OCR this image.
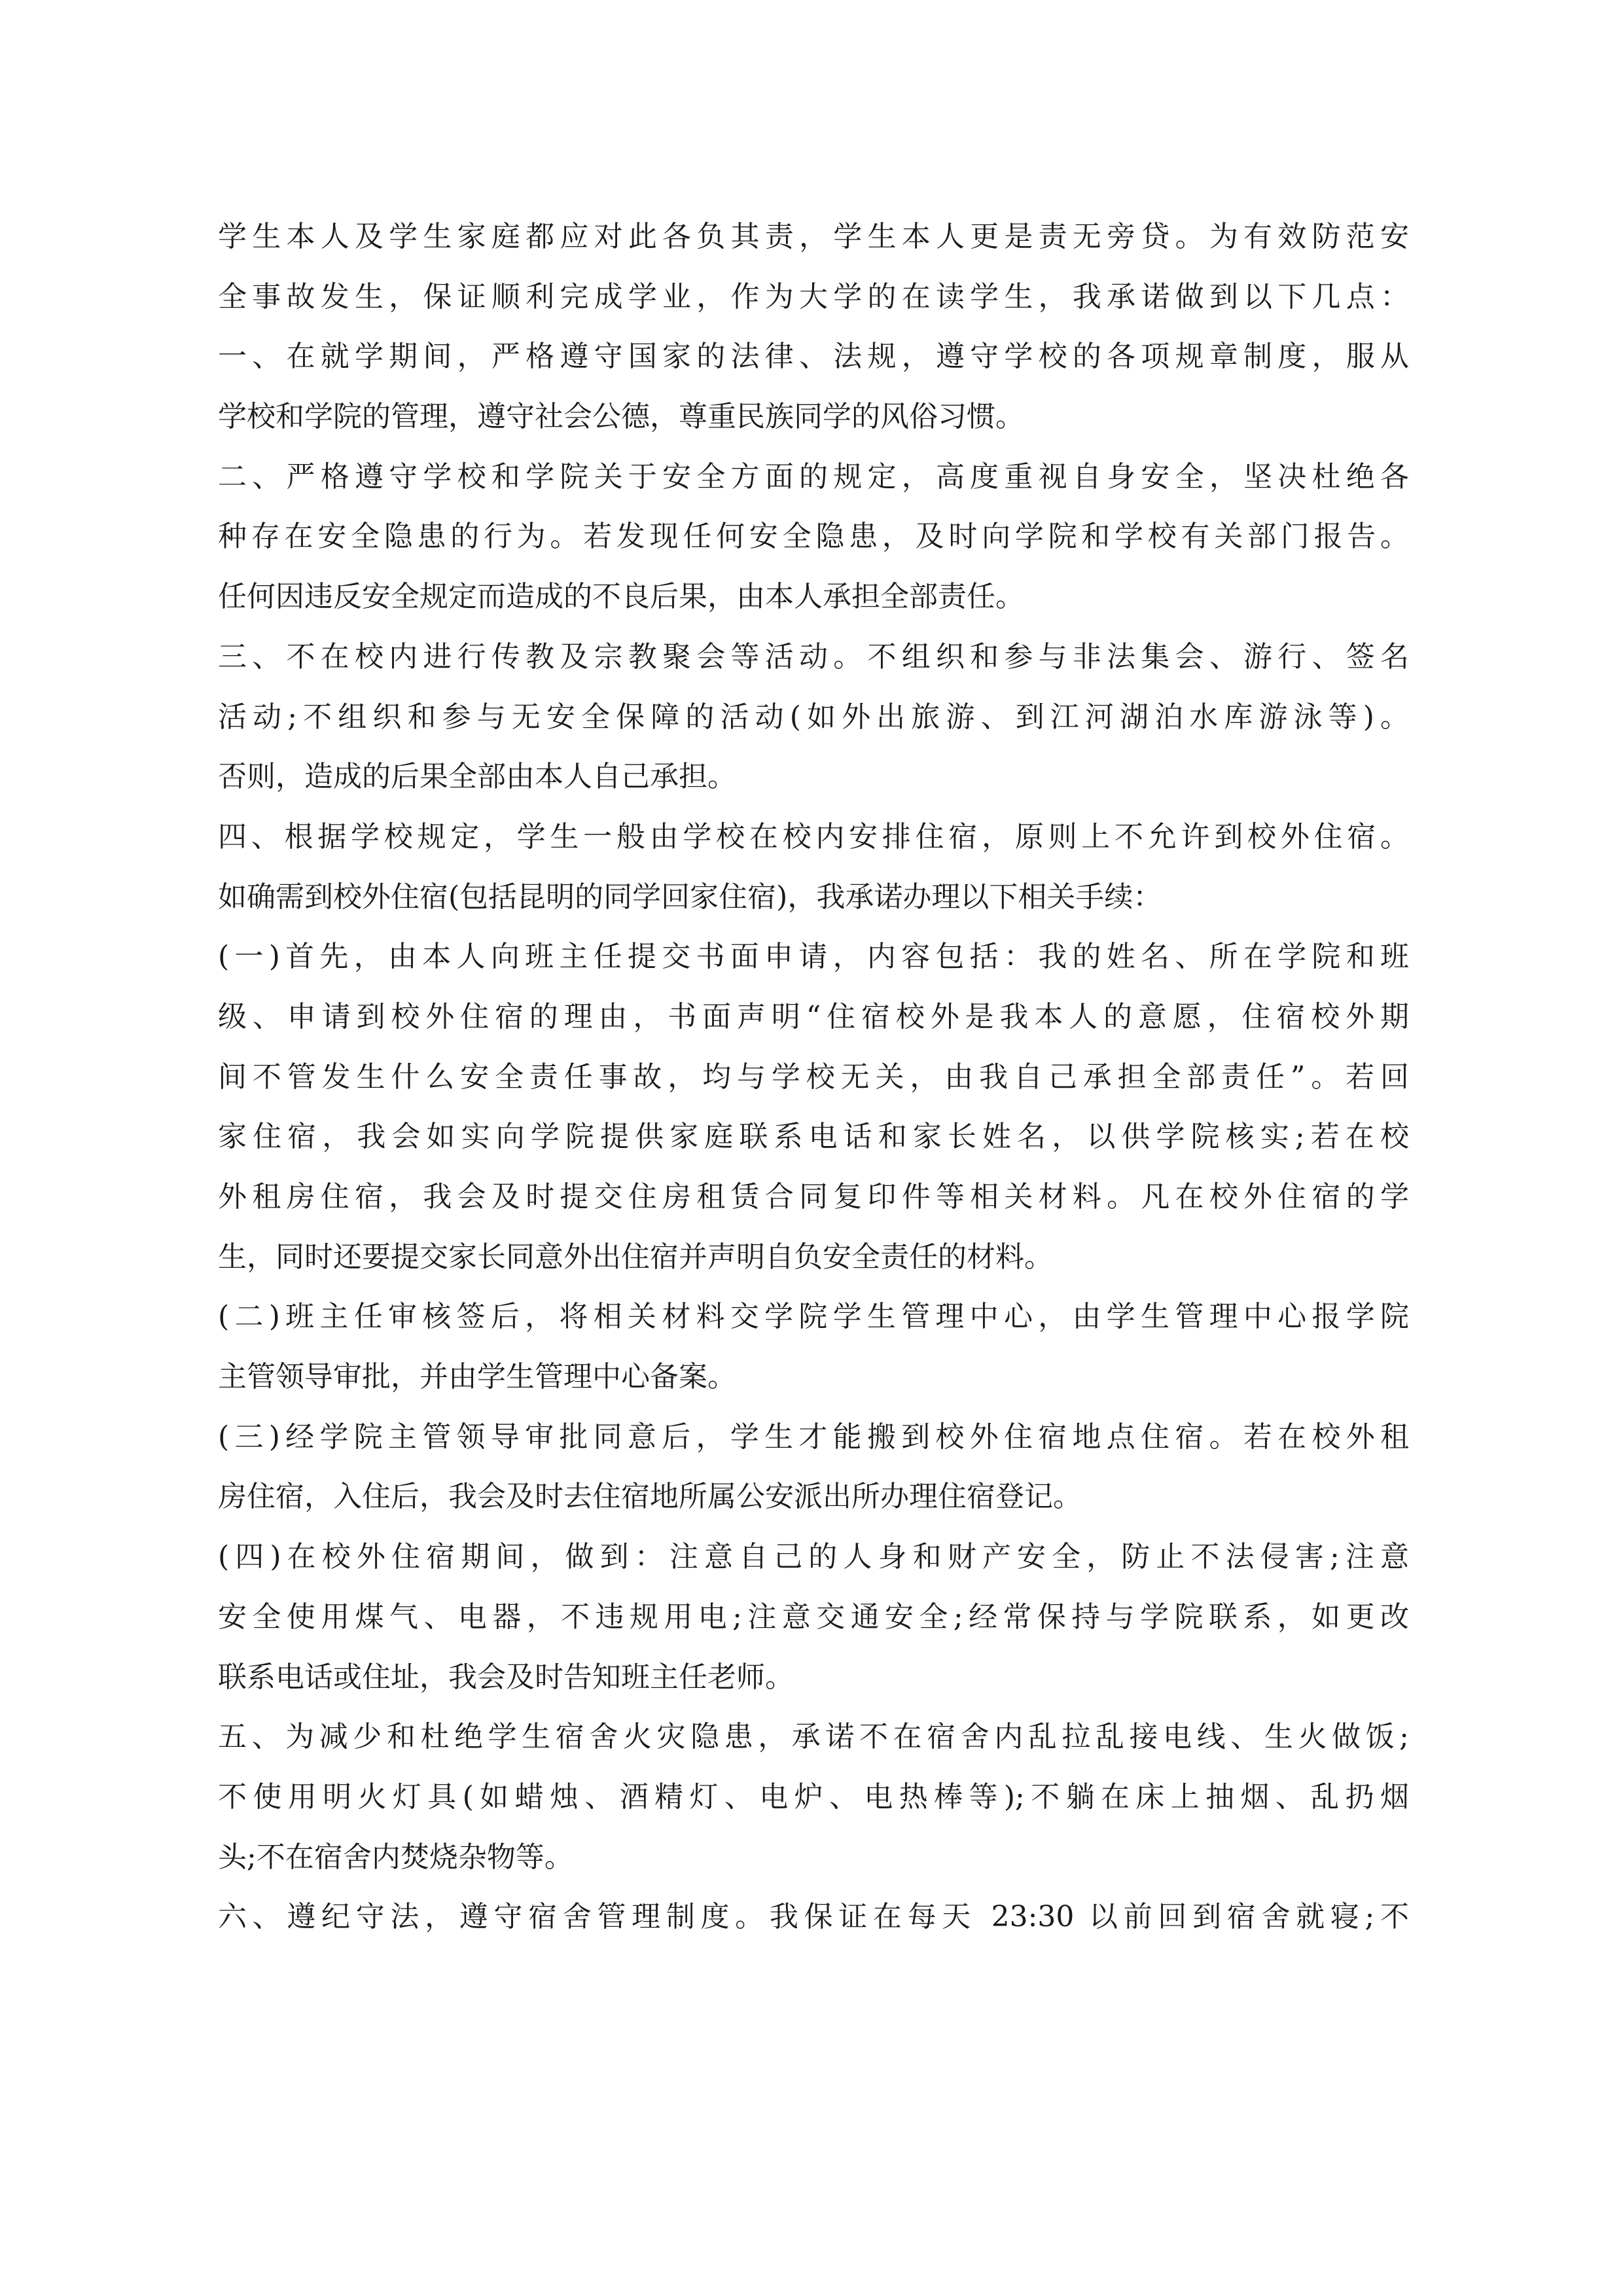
学生本人及学生家庭都应对此各负其责，学生本人更是责无旁贷。为有效防范安
全事故发生，保证顺利完成学业，作为大学的在读学生，我承诺做到以下几点：
一、在就学期间，严格遵守国家的法律、法规，遵守学校的各项规章制度，服从
学校和学院的管理，遵守社会公德，尊重民族同学的风俗习惯。
二、严格遵守学校和学院关于安全方面的规定，高度重视自身安全，坚决杜绝各
种存在安全隐患的行为。若发现任何安全隐患，及时向学院和学校有关部门报告。
任何因违反安全规定而造成的不良后果，由本人承担全部责任。
三、不在校内进行传教及宗教聚会等活动。不组织和参与非法集会、游行、签名
活动;不组织和参与无安全保障的活动(如外出旅游、到江河湖泊水库游泳等)。
否则，造成的后果全部由本人自己承担。
四、根据学校规定，学生一般由学校在校内安排住宿，原则上不允许到校外住宿。
如确需到校外住宿(包括昆明的同学回家住宿)，我承诺办理以下相关手续：
(一)首先，由本人向班主任提交书面申请，内容包括：我的姓名、所在学院和班
级、申请到校外住宿的理由，书面声明“住宿校外是我本人的意愿，住宿校外期
间不管发生什么安全责任事故，均与学校无关，由我自己承担全部责任”。若回
家住宿，我会如实向学院提供家庭联系电话和家长姓名，以供学院核实;若在校
外租房住宿，我会及时提交住房租赁合同复印件等相关材料。凡在校外住宿的学
生，同时还要提交家长同意外出住宿并声明自负安全责任的材料。
(二)班主任审核签后，将相关材料交学院学生管理中心，由学生管理中心报学院
主管领导审批，并由学生管理中心备案。
(三)经学院主管领导审批同意后，学生才能搬到校外住宿地点住宿。若在校外租
房住宿，入住后，我会及时去住宿地所属公安派出所办理住宿登记。
(四)在校外住宿期间，做到：注意自己的人身和财产安全，防止不法侵害;注意
安全使用煤气、电器，不违规用电;注意交通安全;经常保持与学院联系，如更改
联系电话或住址，我会及时告知班主任老师。
五、为减少和杜绝学生宿舍火灾隐患，承诺不在宿舍内乱拉乱接电线、生火做饭;
不使用明火灯具(如蜡烛、酒精灯、电炉、电热棒等);不躺在床上抽烟、乱扔烟
头;不在宿舍内焚烧杂物等。
六、遵纪守法，遵守宿舍管理制度。我保证在每天 23:30 以前回到宿舍就寝;不
